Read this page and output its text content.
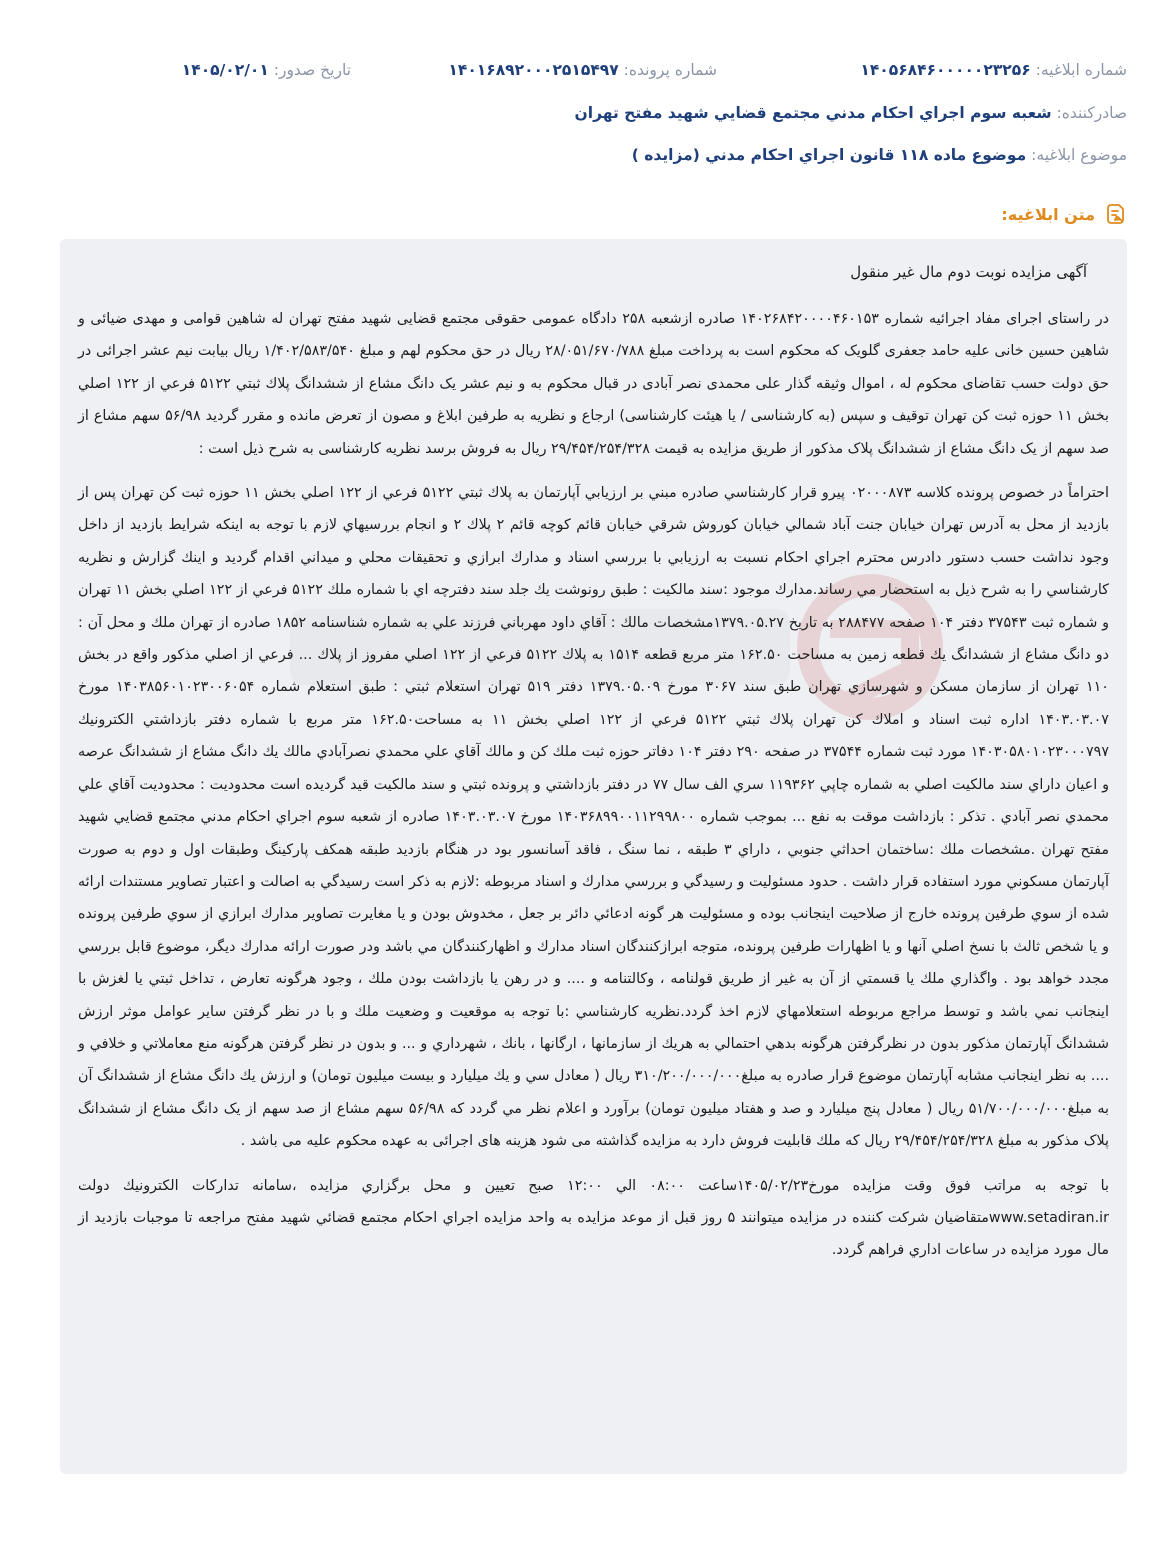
شماره ابلاغیه: ۱۴۰۵۶۸۴۶۰۰۰۰۰۲۳۲۵۶
شماره پرونده: ۱۴۰۱۶۸۹۲۰۰۰۲۵۱۵۴۹۷
تاریخ صدور: ۱۴۰۵/۰۲/۰۱
صادرکننده: شعبه سوم اجراي احكام مدني مجتمع قضايي شهيد مفتح تهران
موضوع ابلاغیه: موضوع ماده ۱۱۸ قانون اجراي احكام مدني (مزايده )
متن ابلاغیه:
آگهی مزایده نوبت دوم مال غیر منقول

در راستای اجرای مفاد اجرائیه شماره ۱۴۰۲۶۸۴۲۰۰۰۰۴۶۰۱۵۳ صادره ازشعبه ۲۵۸ دادگاه عمومی حقوقی مجتمع قضایی شهید مفتح تهران له شاهین قوامی و مهدی ضیائی و شاهین حسین خانی علیه حامد جعفری گلویک که محکوم است به پرداخت مبلغ ۲۸/۰۵۱/۶۷۰/۷۸۸ ریال در حق محکوم لهم و مبلغ ۱/۴۰۲/۵۸۳/۵۴۰ ریال بیابت نیم عشر اجرائی در حق دولت حسب تقاضای محکوم له ، اموال وثیقه گذار علی محمدی نصر آبادی در قبال محکوم به و نیم عشر یک دانگ مشاع از ششدانگ پلاك ثبتي ۵۱۲۲ فرعي از ۱۲۲ اصلي بخش ۱۱ حوزه ثبت كن تهران توقیف و سپس (به کارشناسی / یا هیئت کارشناسی) ارجاع و نظریه به طرفین ابلاغ و مصون از تعرض مانده و مقرر گردید ۵۶/۹۸ سهم مشاع از صد سهم از یک دانگ مشاع از ششدانگ پلاک مذکور از طریق مزایده به قیمت ۲۹/۴۵۴/۲۵۴/۳۲۸ ریال به فروش برسد نظریه کارشناسی به شرح ذیل است :

احتراماً در خصوص پرونده كلاسه ۰۲۰۰۰۸۷۳ پيرو قرار كارشناسي صادره مبني بر ارزيابي آپارتمان به پلاك ثبتي ۵۱۲۲ فرعي از ۱۲۲ اصلي بخش ۱۱ حوزه ثبت كن تهران پس از بازديد از محل به آدرس تهران خيابان جنت آباد شمالي خيابان كوروش شرقي خيابان قائم كوچه قائم ۲ پلاك ۲ و انجام بررسيهاي لازم با توجه به اينكه شرايط بازديد از داخل وجود نداشت حسب دستور دادرس محترم اجراي احكام نسبت به ارزيابي با بررسي اسناد و مدارك ابرازي و تحقيقات محلي و ميداني اقدام گرديد و اينك گزارش و نظريه كارشناسي را به شرح ذيل به استحضار مي رساند.مدارك موجود :سند مالكيت : طبق رونوشت يك جلد سند دفترچه اي با شماره ملك ۵۱۲۲ فرعي از ۱۲۲ اصلي بخش ۱۱ تهران و شماره ثبت ۳۷۵۴۳ دفتر ۱۰۴ صفحه ۲۸۸۴۷۷ به تاريخ ۱۳۷۹.۰۵.۲۷مشخصات مالك : آقاي داود مهرباني فرزند علي به شماره شناسنامه ۱۸۵۲ صادره از تهران ملك و محل آن : دو دانگ مشاع از ششدانگ يك قطعه زمين به مساحت ۱۶۲.۵۰ متر مربع قطعه ۱۵۱۴ به پلاك ۵۱۲۲ فرعي از ۱۲۲ اصلي مفروز از پلاك ... فرعي از اصلي مذكور واقع در بخش ۱۱۰ تهران از سازمان مسكن و شهرسازي تهران طبق سند ۳۰۶۷ مورخ ۱۳۷۹.۰۵.۰۹ دفتر ۵۱۹ تهران استعلام ثبتي : طبق استعلام شماره ۱۴۰۳۸۵۶۰۱۰۲۳۰۰۶۰۵۴ مورخ ۱۴۰۳.۰۳.۰۷ اداره ثبت اسناد و املاك كن تهران پلاك ثبتي ۵۱۲۲ فرعي از ۱۲۲ اصلي بخش ۱۱ به مساحت۱۶۲.۵۰ متر مربع با شماره دفتر بازداشتي الكترونيك ۱۴۰۳۰۵۸۰۱۰۲۳۰۰۰۷۹۷ مورد ثبت شماره ۳۷۵۴۴ در صفحه ۲۹۰ دفتر ۱۰۴ دفاتر حوزه ثبت ملك كن و مالك آقاي علي محمدي نصرآبادي مالك يك دانگ مشاع از ششدانگ عرصه و اعيان داراي سند مالكيت اصلي به شماره چاپي ۱۱۹۳۶۲ سري الف سال ۷۷ در دفتر بازداشتي و پرونده ثبتي و سند مالكيت قيد گرديده است محدوديت : محدوديت آقاي علي محمدي نصر آبادي . تذكر : بازداشت موقت به نفع ... بموجب شماره ۱۴۰۳۶۸۹۹۰۰۱۱۲۹۹۸۰۰ مورخ ۱۴۰۳.۰۳.۰۷ صادره از شعبه سوم اجراي احكام مدني مجتمع قضايي شهيد مفتح تهران .مشخصات ملك :ساختمان احداثي جنوبي ، داراي ۳ طبقه ، نما سنگ ، فاقد آسانسور بود در هنگام بازديد طبقه همكف پاركينگ وطبقات اول و دوم به صورت آپارتمان مسكوني مورد استفاده قرار داشت . حدود مسئوليت و رسيدگي و بررسي مدارك و اسناد مربوطه :لازم به ذكر است رسيدگي به اصالت و اعتبار تصاوير مستندات ارائه شده از سوي طرفين پرونده خارج از صلاحيت اينجانب بوده و مسئوليت هر گونه ادعائي دائر بر جعل ، مخدوش بودن و يا مغايرت تصاوير مدارك ابرازي از سوي طرفين پرونده و يا شخص ثالث با نسخ اصلي آنها و يا اظهارات طرفين پرونده، متوجه ابرازكنندگان اسناد مدارك و اظهاركنندگان مي باشد ودر صورت ارائه مدارك ديگر، موضوع قابل بررسي مجدد خواهد بود . واگذاري ملك يا قسمتي از آن به غير از طريق قولنامه ، وكالتنامه و .... و در رهن يا بازداشت بودن ملك ، وجود هرگونه تعارض ، تداخل ثبتي يا لغزش با اينجانب نمي باشد و توسط مراجع مربوطه استعلامهاي لازم اخذ گردد.نظريه كارشناسي :با توجه به موقعيت و وضعيت ملك و با در نظر گرفتن ساير عوامل موثر ارزش ششدانگ آپارتمان مذكور بدون در نظرگرفتن هرگونه بدهي احتمالي به هريك از سازمانها ، ارگانها ، بانك ، شهرداري و ... و بدون در نظر گرفتن هرگونه منع معاملاتي و خلافي و .... به نظر اينجانب مشابه آپارتمان موضوع قرار صادره به مبلغ۳۱۰/۲۰۰/۰۰۰/۰۰۰ ريال ( معادل سي و يك ميليارد و بيست ميليون تومان) و ارزش يك دانگ مشاع از ششدانگ آن به مبلغ۵۱/۷۰۰/۰۰۰/۰۰۰ ريال ( معادل پنج ميليارد و صد و هفتاد ميليون تومان) برآورد و اعلام نظر مي گردد که ۵۶/۹۸ سهم مشاع از صد سهم از یک دانگ مشاع از ششدانگ پلاک مذکور به مبلغ ۲۹/۴۵۴/۲۵۴/۳۲۸ ریال که ملك قابلیت فروش دارد به مزایده گذاشته می شود هزینه های اجرائی به عهده محکوم علیه می باشد .

با توجه به مراتب فوق وقت مزايده مورخ۱۴۰۵/۰۲/۲۳ساعت ۰۸:۰۰ الي ۱۲:۰۰ صبح تعيين و محل برگزاري مزايده ،سامانه تداركات الكترونيك دولت www.setadiran.irمتقاضيان شركت كننده در مزايده ميتوانند ۵ روز قبل از موعد مزايده به واحد مزايده اجراي احكام مجتمع قضائي شهيد مفتح مراجعه تا موجبات بازديد از مال مورد مزايده در ساعات اداري فراهم گردد.
